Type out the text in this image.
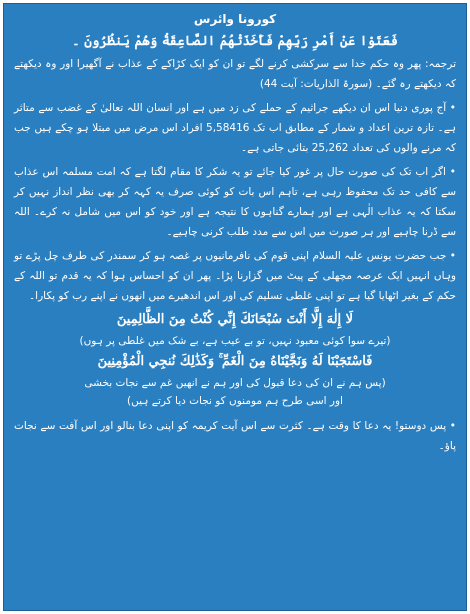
کورونا وائرس
فَعَتَوْا عَنْ أَمْرِ رَبِّهِمْ فَأَخَذَتْهُمُ الصَّاعِقَةُ وَهُمْ يَنظُرُونَ ۔

ترجمہ: پھر وہ حکم خدا سے سرکشی کرنے لگے تو ان کو ایک کڑاکے کے عذاب نے آگھیرا اور وہ دیکھتے کہ دیکھتے رہ گئے۔ (سورۃ الذاریات: آیت 44)

• آج پوری دنیا اس ان دیکھے جراثیم کے حملے کی زد میں ہے اور انسان اللہ تعالیٰ کے غضب سے متاثر ہے۔ تازہ ترین اعداد و شمار کے مطابق اب تک 5,58416 افراد اس مرض میں مبتلا ہو چکے ہیں جب کہ مرنے والوں کی تعداد 25,262 بتائی جاتی ہے۔

• اگر اب تک کی صورت حال پر غور کیا جائے تو یہ شکر کا مقام لگتا ہے کہ امت مسلمہ اس عذاب سے کافی حد تک محفوظ رہی ہے، تاہم اس بات کو کوئی صرف یہ کہہ کر بھی نظر انداز نہیں کر سکتا کہ یہ عذاب الٰہی ہے اور ہمارے گناہوں کا نتیجہ ہے اور خود کو اس میں شامل نہ کرے۔ اللہ سے ڈرنا چاہیے اور ہر صورت میں اس سے مدد طلب کرنی چاہیے۔

• جب حضرت یونس علیہ السلام اپنی قوم کی نافرمانیوں پر غصہ ہو کر سمندر کی طرف چل پڑے تو وہاں انہیں ایک عرصہ مچھلی کے پیٹ میں گزارنا پڑا۔ پھر ان کو احساس ہوا کہ یہ قدم تو اللہ کے حکم کے بغیر اٹھایا گیا ہے تو اپنی غلطی تسلیم کی اور اس اندھیرے میں انھوں نے اپنے رب کو پکارا۔

لَا إِلٰهَ إِلَّا أَنْتَ سُبْحَانَكَ إِنِّي كُنْتُ مِنَ الظَّالِمِينَ

(تیرے سوا کوئی معبود نہیں، تو بے عیب ہے، بے شک میں غلطی پر ہوں)

فَاسْتَجَبْنَا لَهُ وَنَجَّيْنَاهُ مِنَ الْغَمِّ ۚ وَكَذَٰلِكَ نُنجِي الْمُؤْمِنِينَ

(پس ہم نے ان کی دعا قبول کی اور ہم نے انھیں غم سے نجات بخشی

اور اسی طرح ہم مومنوں کو نجات دیا کرتے ہیں)

• پس دوستو! یہ دعا کا وقت ہے۔ کثرت سے اس آیت کریمہ کو اپنی دعا بنالو اور اس آفت سے نجات پاؤ۔
